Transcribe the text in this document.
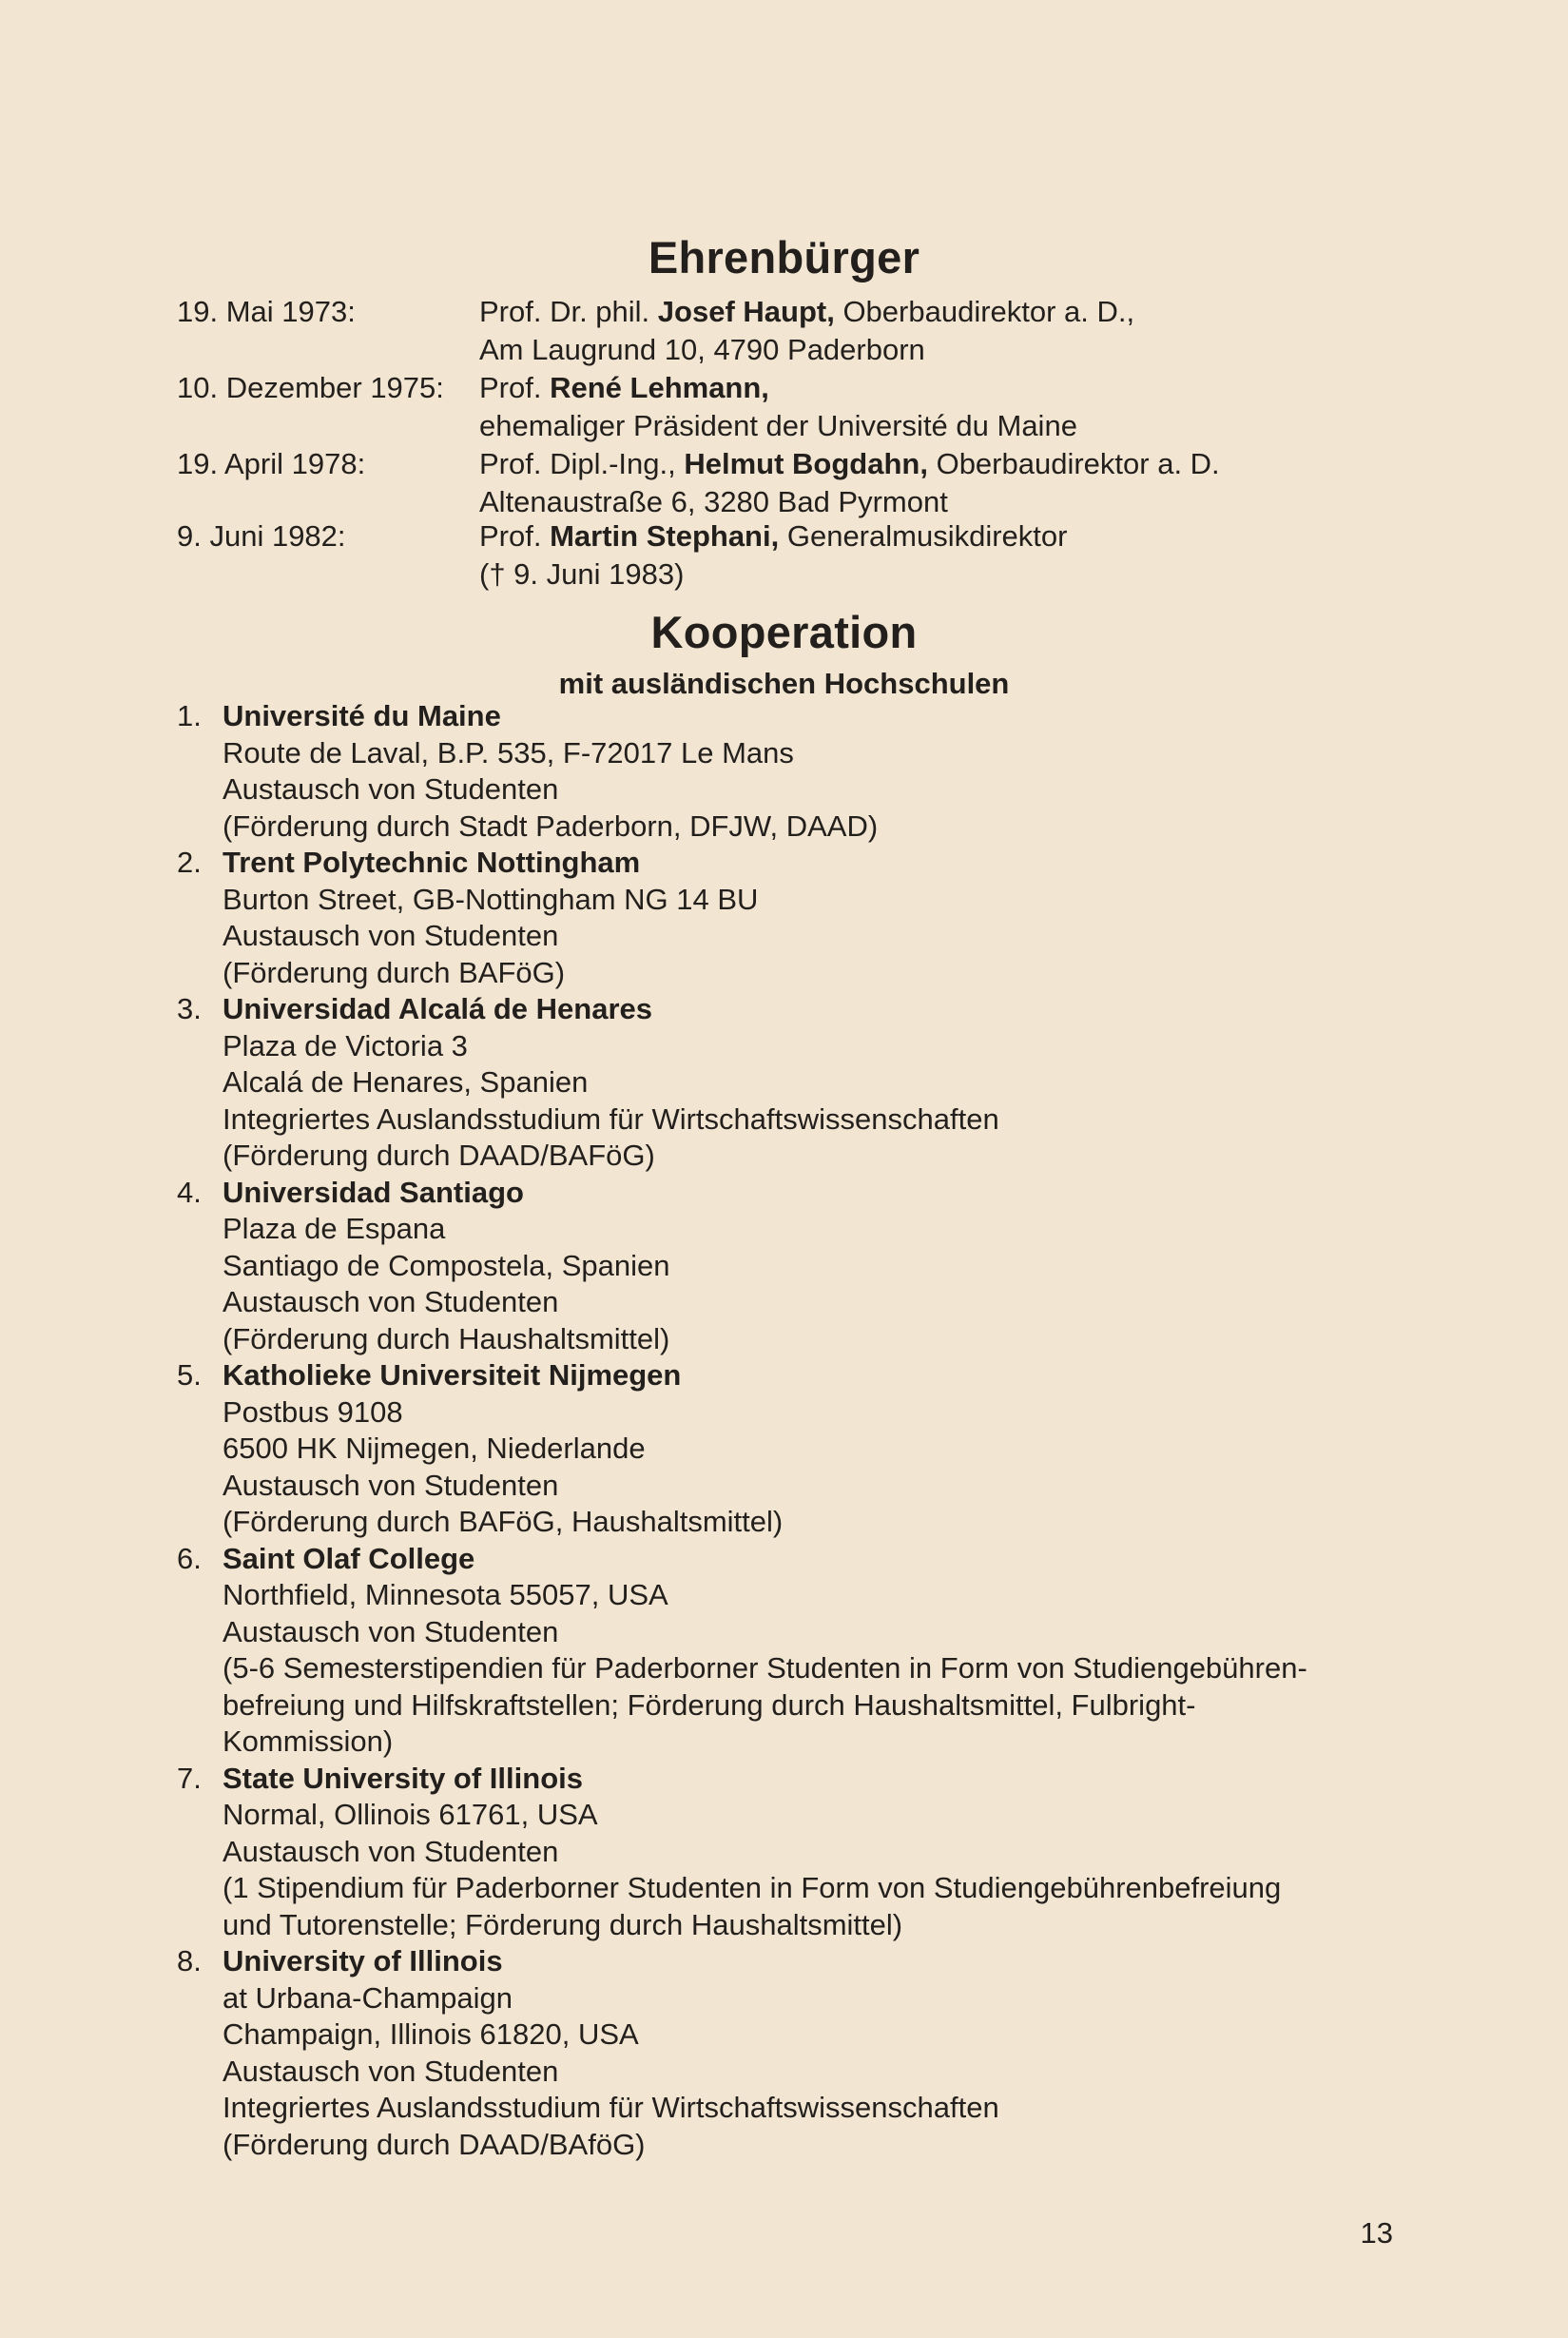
Ehrenbürger
19. Mai 1973:	Prof. Dr. phil. Josef Haupt, Oberbaudirektor a. D.,
Am Laugrund 10, 4790 Paderborn
10. Dezember 1975: Prof. René Lehmann,
ehemaliger Präsident der Université du Maine
19. April 1978:	Prof. Dipl.-Ing., Helmut Bogdahn, Oberbaudirektor a. D.
Altenaustraße 6, 3280 Bad Pyrmont
9. Juni 1982:	Prof. Martin Stephani, Generalmusikdirektor
(† 9. Juni 1983)
Kooperation
mit ausländischen Hochschulen
1. Université du Maine
Route de Laval, B.P. 535, F-72017 Le Mans
Austausch von Studenten
(Förderung durch Stadt Paderborn, DFJW, DAAD)
2. Trent Polytechnic Nottingham
Burton Street, GB-Nottingham NG 14 BU
Austausch von Studenten
(Förderung durch BAFöG)
3. Universidad Alcalá de Henares
Plaza de Victoria 3
Alcalá de Henares, Spanien
Integriertes Auslandsstudium für Wirtschaftswissenschaften
(Förderung durch DAAD/BAFöG)
4. Universidad Santiago
Plaza de Espana
Santiago de Compostela, Spanien
Austausch von Studenten
(Förderung durch Haushaltsmittel)
5. Katholieke Universiteit Nijmegen
Postbus 9108
6500 HK Nijmegen, Niederlande
Austausch von Studenten
(Förderung durch BAFöG, Haushaltsmittel)
6. Saint Olaf College
Northfield, Minnesota 55057, USA
Austausch von Studenten
(5-6 Semesterstipendien für Paderborner Studenten in Form von Studiengebühren-
befreiung und Hilfskraftstellen; Förderung durch Haushaltsmittel, Fulbright-
Kommission)
7. State University of Illinois
Normal, Ollinois 61761, USA
Austausch von Studenten
(1 Stipendium für Paderborner Studenten in Form von Studiengebührenbefreiung
und Tutorenstelle; Förderung durch Haushaltsmittel)
8. University of Illinois
at Urbana-Champaign
Champaign, Illinois 61820, USA
Austausch von Studenten
Integriertes Auslandsstudium für Wirtschaftswissenschaften
(Förderung durch DAAD/BAfӧG)
13
